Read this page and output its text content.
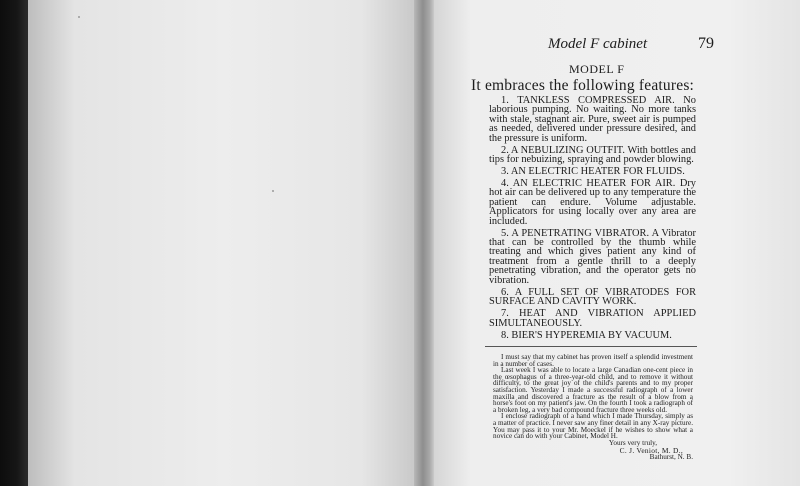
Model F cabinet	79
MODEL F
It embraces the following features:

1. TANKLESS COMPRESSED AIR. No laborious pumping. No waiting. No more tanks with stale, stagnant air. Pure, sweet air is pumped as needed, delivered under pressure desired, and the pressure is uniform.

2. A NEBULIZING OUTFIT. With bottles and tips for nebuizing, spraying and powder blowing.

3. AN ELECTRIC HEATER FOR FLUIDS.

4. AN ELECTRIC HEATER FOR AIR. Dry hot air can be delivered up to any temperature the patient can endure. Volume adjustable. Applicators for using locally over any area are included.

5. A PENETRATING VIBRATOR. A Vibrator that can be controlled by the thumb while treating and which gives patient any kind of treatment from a gentle thrill to a deeply penetrating vibration, and the operator gets no vibration.

6. A FULL SET OF VIBRATODES FOR SURFACE AND CAVITY WORK.

7. HEAT AND VIBRATION APPLIED SIMULTANEOUSLY.

8. BIER'S HYPEREMIA BY VACUUM.

I must say that my cabinet has proven itself a splendid investment in a number of cases.

Last week I was able to locate a large Canadian one-cent piece in the œsophagus of a three-year-old child, and to remove it without difficulty, to the great joy of the child's parents and to my proper satisfaction. Yesterday I made a successful radiograph of a lower maxilla and discovered a fracture as the result of a blow from a horse's foot on my patient's jaw. On the fourth I took a radiograph of a broken leg, a very bad compound fracture three weeks old.

I enclose radiograph of a hand which I made Thursday, simply as a matter of practice. I never saw any finer detail in any X-ray picture. You may pass it to your Mr. Moeckel if he wishes to show what a novice can do with your Cabinet, Model H.

Yours very truly,
C. J. Veniot, M. D.,
Bathurst, N. B.
